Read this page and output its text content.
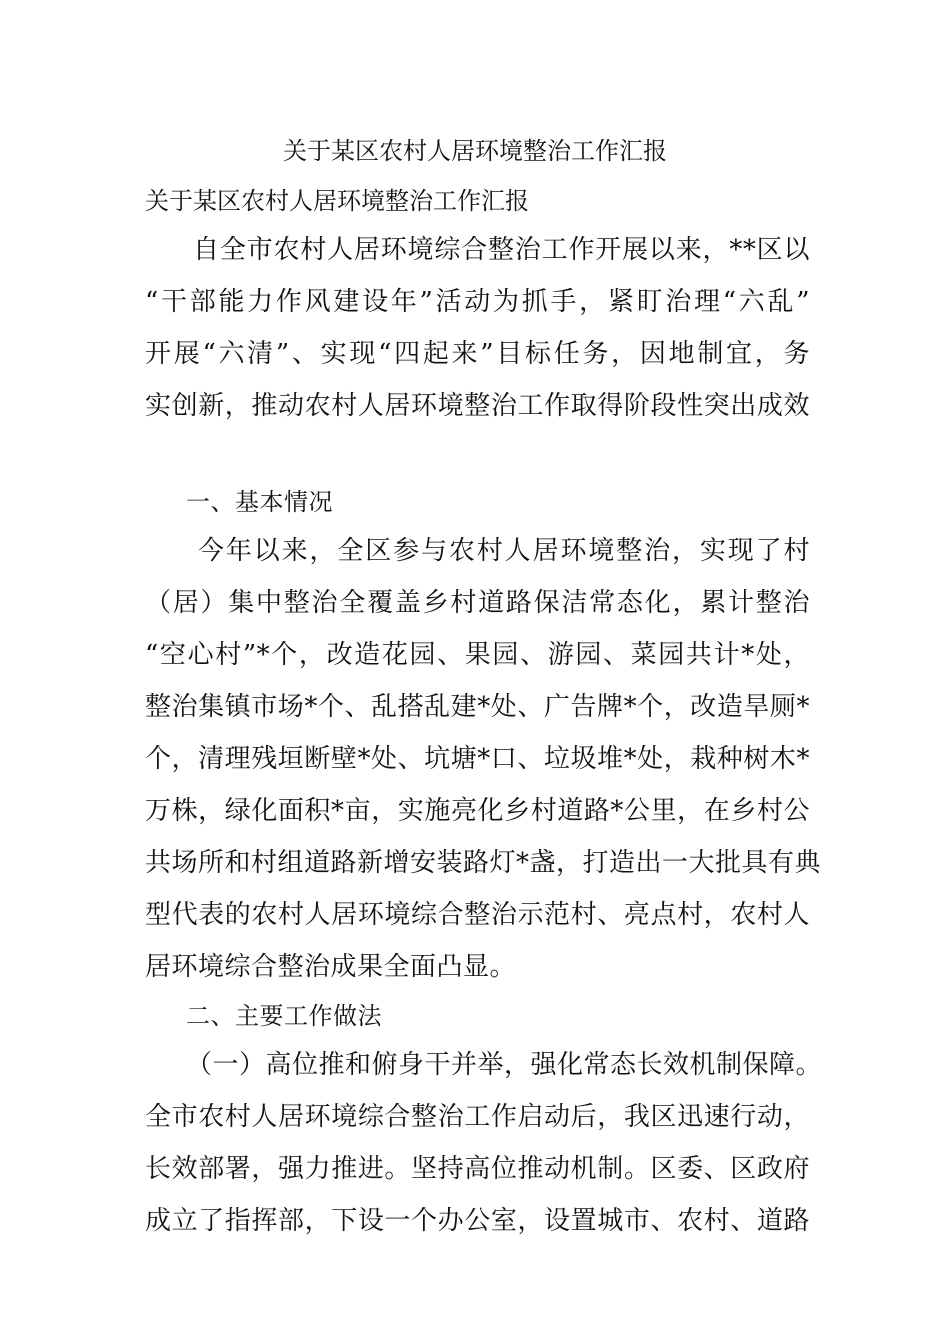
关于某区农村人居环境整治工作汇报
关于某区农村人居环境整治工作汇报
自全市农村人居环境综合整治工作开展以来，**区以
“干部能力作风建设年”活动为抓手，紧盯治理“六乱”
开展“六清”、实现“四起来”目标任务，因地制宜，务
实创新，推动农村人居环境整治工作取得阶段性突出成效
一、基本情况
今年以来，全区参与农村人居环境整治，实现了村
（居）集中整治全覆盖乡村道路保洁常态化，累计整治
“空心村”*个，改造花园、果园、游园、菜园共计*处，
整治集镇市场*个、乱搭乱建*处、广告牌*个，改造旱厕*
个，清理残垣断壁*处、坑塘*口、垃圾堆*处，栽种树木*
万株，绿化面积*亩，实施亮化乡村道路*公里，在乡村公
共场所和村组道路新增安装路灯*盏，打造出一大批具有典
型代表的农村人居环境综合整治示范村、亮点村，农村人
居环境综合整治成果全面凸显。
二、主要工作做法
（一）高位推和俯身干并举，强化常态长效机制保障。
全市农村人居环境综合整治工作启动后，我区迅速行动，
长效部署，强力推进。坚持高位推动机制。区委、区政府
成立了指挥部，下设一个办公室，设置城市、农村、道路
